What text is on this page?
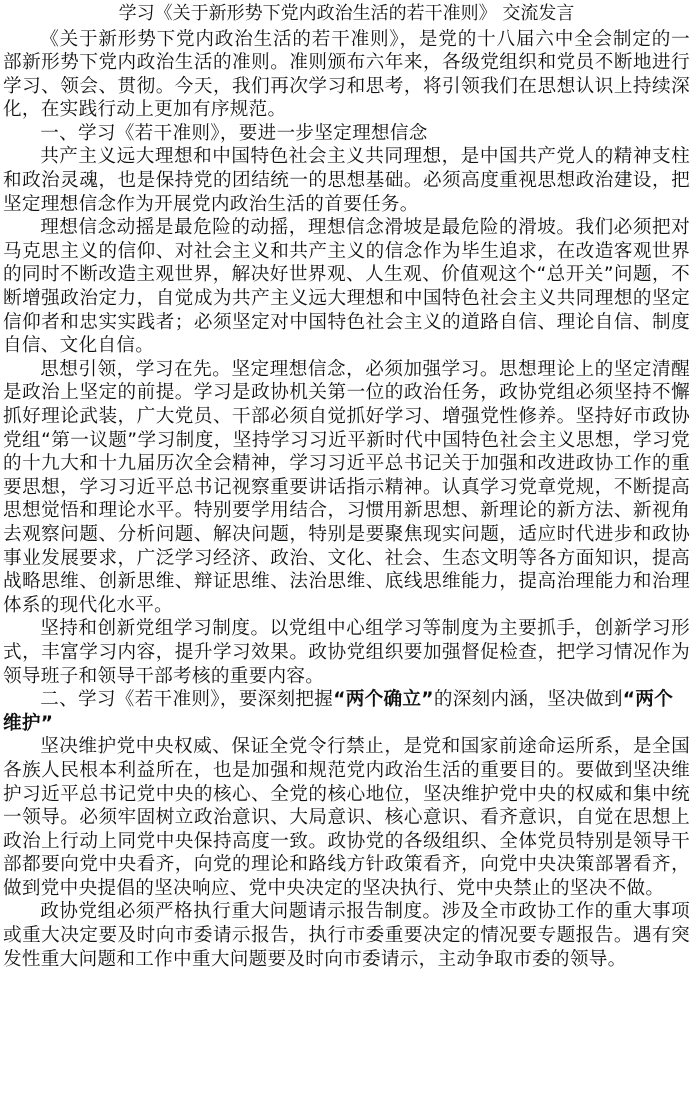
学习《关于新形势下党内政治生活的若干准则》 交流发言

《关于新形势下党内政治生活的若干准则》，是党的十八届六中全会制定的一部新形势下党内政治生活的准则。准则颁布六年来，各级党组织和党员不断地进行学习、领会、贯彻。今天，我们再次学习和思考，将引领我们在思想认识上持续深化，在实践行动上更加有序规范。

一、学习《若干准则》，要进一步坚定理想信念

共产主义远大理想和中国特色社会主义共同理想，是中国共产党人的精神支柱和政治灵魂，也是保持党的团结统一的思想基础。必须高度重视思想政治建设，把坚定理想信念作为开展党内政治生活的首要任务。

理想信念动摇是最危险的动摇，理想信念滑坡是最危险的滑坡。我们必须把对马克思主义的信仰、对社会主义和共产主义的信念作为毕生追求，在改造客观世界的同时不断改造主观世界，解决好世界观、人生观、价值观这个“总开关”问题，不断增强政治定力，自觉成为共产主义远大理想和中国特色社会主义共同理想的坚定信仰者和忠实实践者；必须坚定对中国特色社会主义的道路自信、理论自信、制度自信、文化自信。

思想引领，学习在先。坚定理想信念，必须加强学习。思想理论上的坚定清醒是政治上坚定的前提。学习是政协机关第一位的政治任务，政协党组必须坚持不懈抓好理论武装，广大党员、干部必须自觉抓好学习、增强党性修养。坚持好市政协党组“第一议题”学习制度，坚持学习习近平新时代中国特色社会主义思想，学习党的十九大和十九届历次全会精神，学习习近平总书记关于加强和改进政协工作的重要思想，学习习近平总书记视察重要讲话指示精神。认真学习党章党规，不断提高思想觉悟和理论水平。特别要学用结合，习惯用新思想、新理论的新方法、新视角去观察问题、分析问题、解决问题，特别是要聚焦现实问题，适应时代进步和政协事业发展要求，广泛学习经济、政治、文化、社会、生态文明等各方面知识，提高战略思维、创新思维、辩证思维、法治思维、底线思维能力，提高治理能力和治理体系的现代化水平。

坚持和创新党组学习制度。以党组中心组学习等制度为主要抓手，创新学习形式，丰富学习内容，提升学习效果。政协党组织要加强督促检查，把学习情况作为领导班子和领导干部考核的重要内容。

二、学习《若干准则》，要深刻把握“两个确立”的深刻内涵，坚决做到“两个维护”

坚决维护党中央权威、保证全党令行禁止，是党和国家前途命运所系，是全国各族人民根本利益所在，也是加强和规范党内政治生活的重要目的。要做到坚决维护习近平总书记党中央的核心、全党的核心地位，坚决维护党中央的权威和集中统一领导。必须牢固树立政治意识、大局意识、核心意识、看齐意识，自觉在思想上政治上行动上同党中央保持高度一致。政协党的各级组织、全体党员特别是领导干部都要向党中央看齐，向党的理论和路线方针政策看齐，向党中央决策部署看齐，做到党中央提倡的坚决响应、党中央决定的坚决执行、党中央禁止的坚决不做。

政协党组必须严格执行重大问题请示报告制度。涉及全市政协工作的重大事项或重大决定要及时向市委请示报告，执行市委重要决定的情况要专题报告。遇有突发性重大问题和工作中重大问题要及时向市委请示，主动争取市委的领导。
